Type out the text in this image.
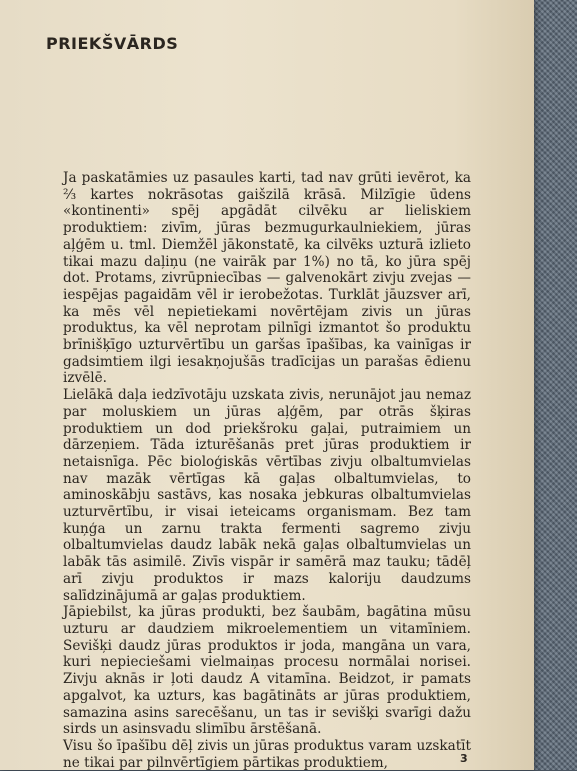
PRIEKŠVĀRDS

Ja paskatāmies uz pasaules karti, tad nav grūti ievērot, ka ⅔ kartes nokrāsotas gaišzilā krāsā. Milzīgie ūdens «kontinenti» spēj apgādāt cilvēku ar lieliskiem produktiem: zivīm, jūras bezmugurkaulniekiem, jūras aļģēm u. tml. Diemžēl jākonstatē, ka cilvēks uzturā izlieto tikai mazu daļiņu (ne vairāk par 1%) no tā, ko jūra spēj dot. Protams, zivrūpniecības — galvenokārt zivju zvejas — iespējas pagaidām vēl ir ierobežotas. Turklāt jāuzsver arī, ka mēs vēl nepietiekami novērtējam zivis un jūras produktus, ka vēl neprotam pilnīgi izmantot šo produktu brīnišķīgo uzturvērtību un garšas īpašības, ka vainīgas ir gadsimtiem ilgi iesakņojušās tradīcijas un parašas ēdienu izvēlē.

Lielākā daļa iedzīvotāju uzskata zivis, nerunājot jau nemaz par moluskiem un jūras aļģēm, par otrās šķiras produktiem un dod priekšroku gaļai, putraimiem un dārzeņiem. Tāda izturēšanās pret jūras produktiem ir netaisnīga. Pēc bioloģiskās vērtības zivju olbaltumvielas nav mazāk vērtīgas kā gaļas olbaltumvielas, to aminoskābju sastāvs, kas nosaka jebkuras olbaltumvielas uzturvērtību, ir visai ieteicams organismam. Bez tam kuņģa un zarnu trakta fermenti sagremo zivju olbaltumvielas daudz labāk nekā gaļas olbaltumvielas un labāk tās asimilē. Zivīs vispār ir samērā maz tauku; tādēļ arī zivju produktos ir mazs kaloriju daudzums salīdzinājumā ar gaļas produktiem.

Jāpiebilst, ka jūras produkti, bez šaubām, bagātina mūsu uzturu ar daudziem mikroelementiem un vitamīniem. Sevišķi daudz jūras produktos ir joda, mangāna un vara, kuri nepieciešami vielmaiņas procesu normālai norisei. Zivju aknās ir ļoti daudz A vitamīna. Beidzot, ir pamats apgalvot, ka uzturs, kas bagātināts ar jūras produktiem, samazina asins sarecēšanu, un tas ir sevišķi svarīgi dažu sirds un asinsvadu slimību ārstēšanā.

Visu šo īpašību dēļ zivis un jūras produktus varam uzskatīt ne tikai par pilnvērtīgiem pārtikas produktiem,	3
